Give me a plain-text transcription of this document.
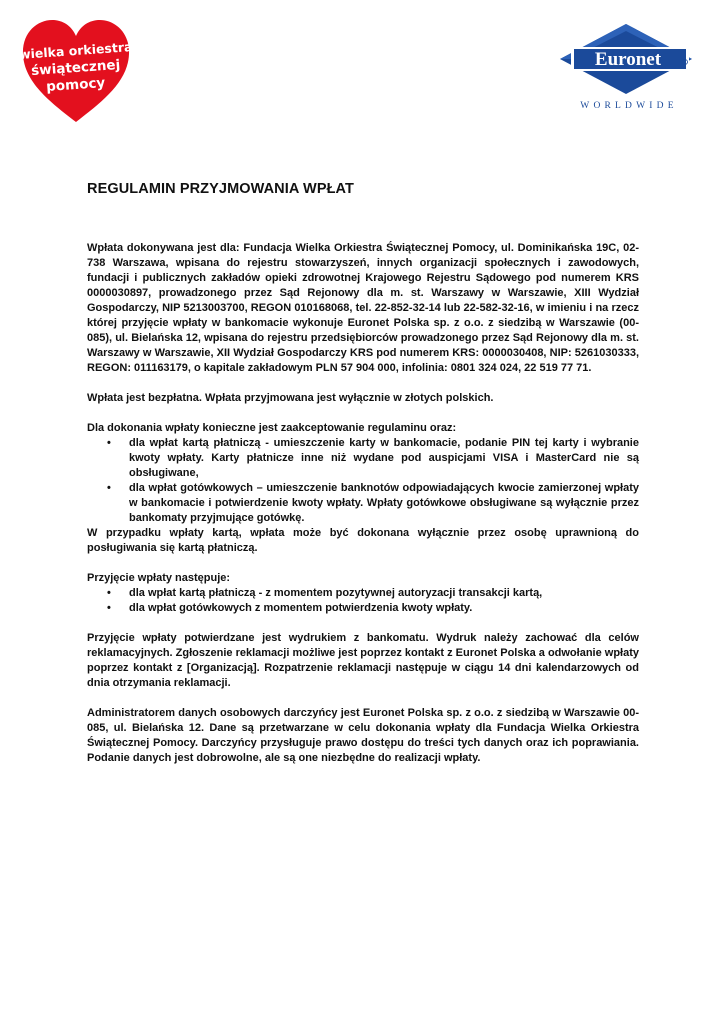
wielka orkiestra
świątecznej
pomocy
Euronet
WORLDWIDE
REGULAMIN PRZYJMOWANIA WPŁAT

Wpłata dokonywana jest dla: Fundacja Wielka Orkiestra Świątecznej Pomocy, ul. Dominikańska 19C, 02-738 Warszawa, wpisana do rejestru stowarzyszeń, innych organizacji społecznych i zawodowych, fundacji i publicznych zakładów opieki zdrowotnej Krajowego Rejestru Sądowego pod numerem KRS 0000030897, prowadzonego przez Sąd Rejonowy dla m. st. Warszawy w Warszawie, XIII Wydział Gospodarczy, NIP 5213003700, REGON 010168068, tel. 22-852-32-14 lub 22-582-32-16, w imieniu i na rzecz której przyjęcie wpłaty w bankomacie wykonuje Euronet Polska sp. z o.o. z siedzibą w Warszawie (00-085), ul. Bielańska 12, wpisana do rejestru przedsiębiorców prowadzonego przez Sąd Rejonowy dla m. st. Warszawy w Warszawie, XII Wydział Gospodarczy KRS pod numerem KRS: 0000030408, NIP: 5261030333, REGON: 011163179, o kapitale zakładowym PLN 57 904 000, infolinia: 0801 324 024, 22 519 77 71.

Wpłata jest bezpłatna. Wpłata przyjmowana jest wyłącznie w złotych polskich.

Dla dokonania wpłaty konieczne jest zaakceptowanie regulaminu oraz:

• dla wpłat kartą płatniczą - umieszczenie karty w bankomacie, podanie PIN tej karty i wybranie kwoty wpłaty. Karty płatnicze inne niż wydane pod auspicjami VISA i MasterCard nie są obsługiwane,
• dla wpłat gotówkowych – umieszczenie banknotów odpowiadających kwocie zamierzonej wpłaty w bankomacie i potwierdzenie kwoty wpłaty. Wpłaty gotówkowe obsługiwane są wyłącznie przez bankomaty przyjmujące gotówkę.

W przypadku wpłaty kartą, wpłata może być dokonana wyłącznie przez osobę uprawnioną do posługiwania się kartą płatniczą.

Przyjęcie wpłaty następuje:

• dla wpłat kartą płatniczą - z momentem pozytywnej autoryzacji transakcji kartą,
• dla wpłat gotówkowych z momentem potwierdzenia kwoty wpłaty.

Przyjęcie wpłaty potwierdzane jest wydrukiem z bankomatu. Wydruk należy zachować dla celów reklamacyjnych. Zgłoszenie reklamacji możliwe jest poprzez kontakt z Euronet Polska a odwołanie wpłaty poprzez kontakt z [Organizacją]. Rozpatrzenie reklamacji następuje w ciągu 14 dni kalendarzowych od dnia otrzymania reklamacji.

Administratorem danych osobowych darczyńcy jest Euronet Polska sp. z o.o. z siedzibą w Warszawie 00-085, ul. Bielańska 12. Dane są przetwarzane w celu dokonania wpłaty dla Fundacja Wielka Orkiestra Świątecznej Pomocy. Darczyńcy przysługuje prawo dostępu do treści tych danych oraz ich poprawiania. Podanie danych jest dobrowolne, ale są one niezbędne do realizacji wpłaty.
